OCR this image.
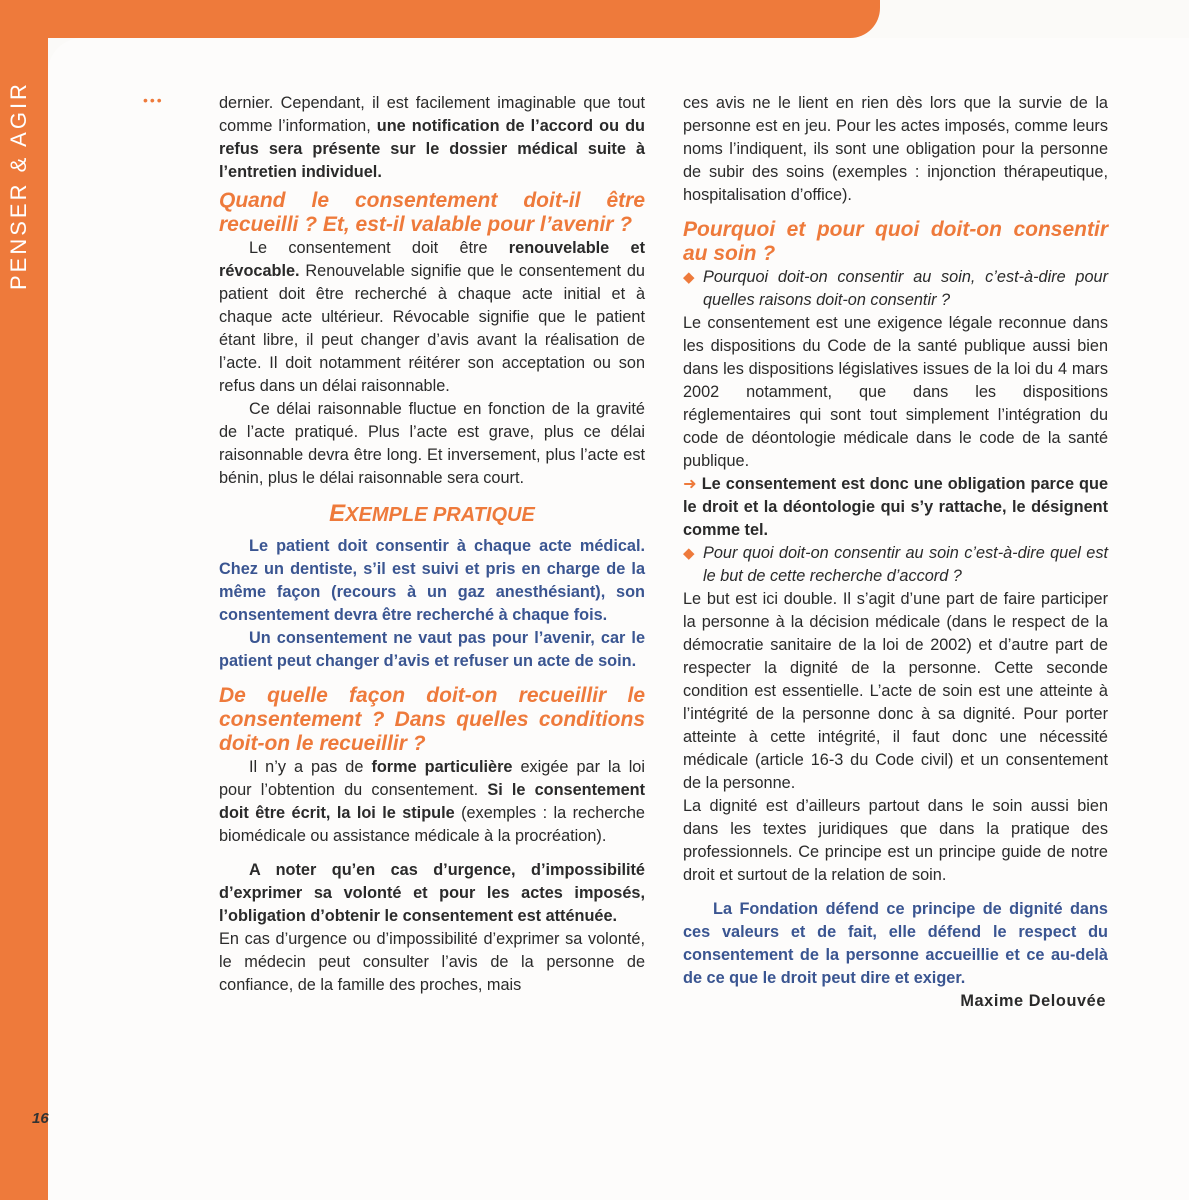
PENSER & AGIR	•••
16

dernier. Cependant, il est facilement imaginable que tout comme l’information, une notification de l’accord ou du refus sera présente sur le dossier médical suite à l’entretien individuel.

Quand le consentement doit-il être recueilli ? Et, est-il valable pour l’avenir ?

Le consentement doit être renouvelable et révocable. Renouvelable signifie que le consentement du patient doit être recherché à chaque acte initial et à chaque acte ultérieur. Révocable signifie que le patient étant libre, il peut changer d’avis avant la réalisation de l’acte. Il doit notamment réitérer son acceptation ou son refus dans un délai raisonnable.

Ce délai raisonnable fluctue en fonction de la gravité de l’acte pratiqué. Plus l’acte est grave, plus ce délai raisonnable devra être long. Et inversement, plus l’acte est bénin, plus le délai raisonnable sera court.

EXEMPLE PRATIQUE

Le patient doit consentir à chaque acte médical. Chez un dentiste, s’il est suivi et pris en charge de la même façon (recours à un gaz anesthésiant), son consentement devra être recherché à chaque fois.

Un consentement ne vaut pas pour l’avenir, car le patient peut changer d’avis et refuser un acte de soin.

De quelle façon doit-on recueillir le consentement ? Dans quelles conditions doit-on le recueillir ?

Il n’y a pas de forme particulière exigée par la loi pour l’obtention du consentement. Si le consentement doit être écrit, la loi le stipule (exemples : la recherche biomédicale ou assistance médicale à la procréation).

A noter qu’en cas d’urgence, d’impossibilité d’exprimer sa volonté et pour les actes imposés, l’obligation d’obtenir le consentement est atténuée.

En cas d’urgence ou d’impossibilité d’exprimer sa volonté, le médecin peut consulter l’avis de la personne de confiance, de la famille des proches, mais

ces avis ne le lient en rien dès lors que la survie de la personne est en jeu. Pour les actes imposés, comme leurs noms l’indiquent, ils sont une obligation pour la personne de subir des soins (exemples : injonction thérapeutique, hospitalisation d’office).

Pourquoi et pour quoi doit-on consentir au soin ?

◆ Pourquoi doit-on consentir au soin, c’est-à-dire pour quelles raisons doit-on consentir ?

Le consentement est une exigence légale reconnue dans les dispositions du Code de la santé publique aussi bien dans les dispositions législatives issues de la loi du 4 mars 2002 notamment, que dans les dispositions réglementaires qui sont tout simplement l’intégration du code de déontologie médicale dans le code de la santé publique.

➜ Le consentement est donc une obligation parce que le droit et la déontologie qui s’y rattache, le désignent comme tel.

◆ Pour quoi doit-on consentir au soin c’est-à-dire quel est le but de cette recherche d’accord ?

Le but est ici double. Il s’agit d’une part de faire participer la personne à la décision médicale (dans le respect de la démocratie sanitaire de la loi de 2002) et d’autre part de respecter la dignité de la personne. Cette seconde condition est essentielle. L’acte de soin est une atteinte à l’intégrité de la personne donc à sa dignité. Pour porter atteinte à cette intégrité, il faut donc une nécessité médicale (article 16-3 du Code civil) et un consentement de la personne.

La dignité est d’ailleurs partout dans le soin aussi bien dans les textes juridiques que dans la pratique des professionnels. Ce principe est un principe guide de notre droit et surtout de la relation de soin.

La Fondation défend ce principe de dignité dans ces valeurs et de fait, elle défend le respect du consentement de la personne accueillie et ce au-delà de ce que le droit peut dire et exiger.

Maxime Delouvée
